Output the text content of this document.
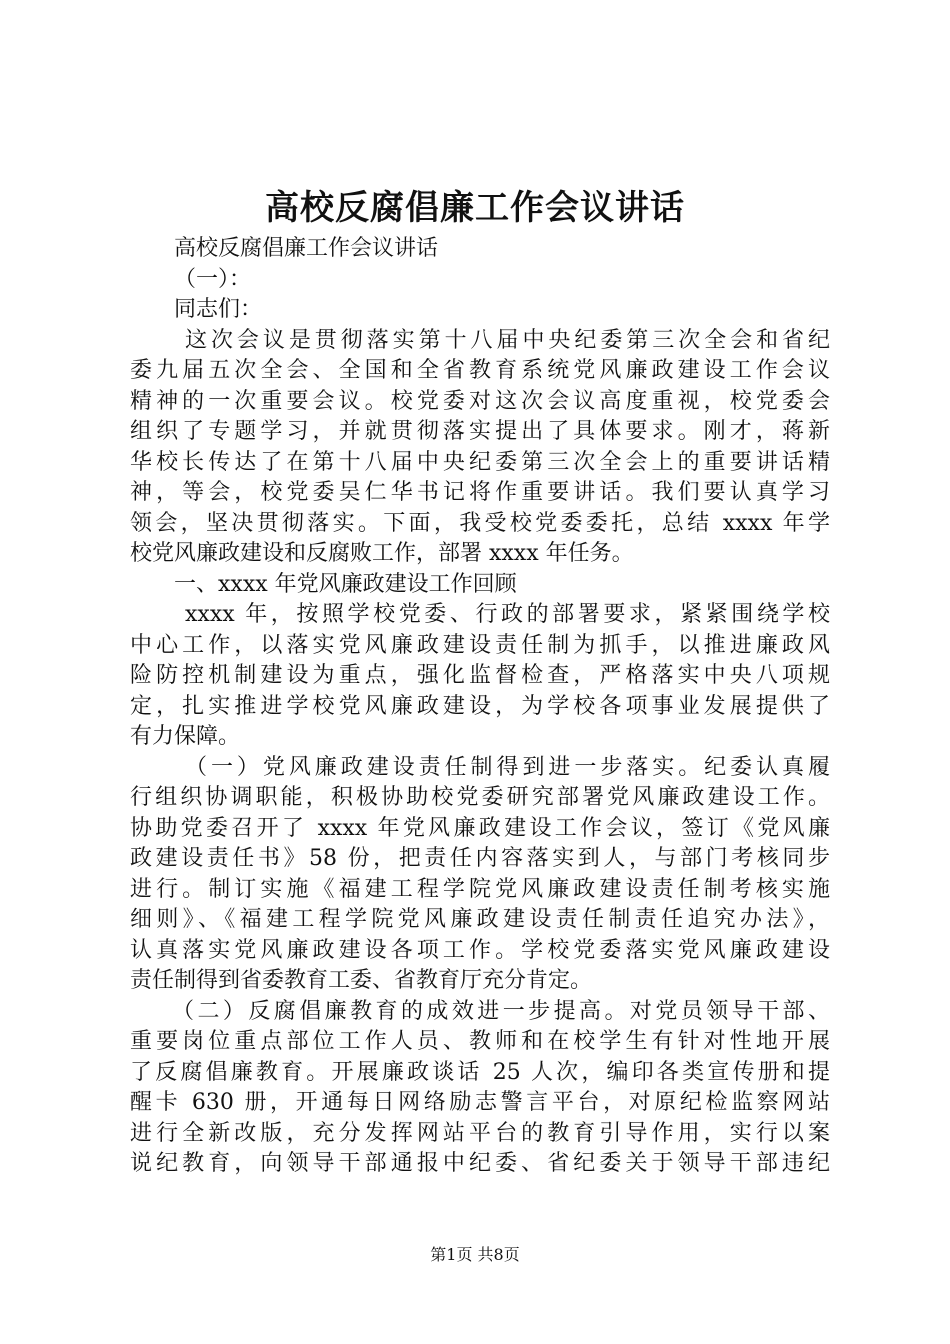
高校反腐倡廉工作会议讲话
高校反腐倡廉工作会议讲话
（一）：
同志们：
这次会议是贯彻落实第十八届中央纪委第三次全会和省纪
委九届五次全会、全国和全省教育系统党风廉政建设工作会议
精神的一次重要会议。校党委对这次会议高度重视，校党委会
组织了专题学习，并就贯彻落实提出了具体要求。刚才，蒋新
华校长传达了在第十八届中央纪委第三次全会上的重要讲话精
神，等会，校党委吴仁华书记将作重要讲话。我们要认真学习
领会，坚决贯彻落实。下面，我受校党委委托，总结 xxxx 年学
校党风廉政建设和反腐败工作，部署 xxxx 年任务。
一、xxxx 年党风廉政建设工作回顾
xxxx 年，按照学校党委、行政的部署要求，紧紧围绕学校
中心工作，以落实党风廉政建设责任制为抓手，以推进廉政风
险防控机制建设为重点，强化监督检查，严格落实中央八项规
定，扎实推进学校党风廉政建设，为学校各项事业发展提供了
有力保障。
（一）党风廉政建设责任制得到进一步落实。纪委认真履
行组织协调职能，积极协助校党委研究部署党风廉政建设工作。
协助党委召开了 xxxx 年党风廉政建设工作会议，签订《党风廉
政建设责任书》58 份，把责任内容落实到人，与部门考核同步
进行。制订实施《福建工程学院党风廉政建设责任制考核实施
细则》、《福建工程学院党风廉政建设责任制责任追究办法》，
认真落实党风廉政建设各项工作。学校党委落实党风廉政建设
责任制得到省委教育工委、省教育厅充分肯定。
（二）反腐倡廉教育的成效进一步提高。对党员领导干部、
重要岗位重点部位工作人员、教师和在校学生有针对性地开展
了反腐倡廉教育。开展廉政谈话 25 人次，编印各类宣传册和提
醒卡 630 册，开通每日网络励志警言平台，对原纪检监察网站
进行全新改版，充分发挥网站平台的教育引导作用，实行以案
说纪教育，向领导干部通报中纪委、省纪委关于领导干部违纪
第1页 共8页
